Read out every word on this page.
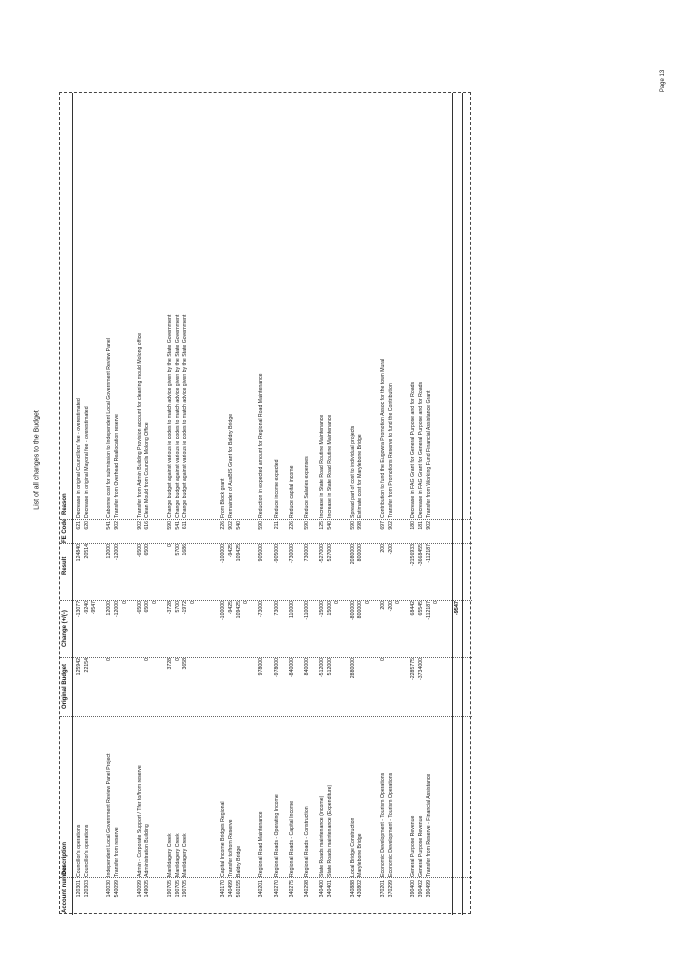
Page 13
List of all changes to the Budget
Account number
Description
Original Budget
Change (+/(-)
Result
FE Code
Reason
120301
Councillor's operations
125942
-1307?
124840
621
Decrease in original Councillors' fee - overestimated
120303
Councillor's operations
22154
-9240
20514
620
Decrease in original Mayoral fee - overestimated
-9547
140030
Independent Local Government Review Panel Project
0
12000
12000
541
Cabonne cost for submission to Independent Local Government Review Panel
540099
Transfer from reserve
-12000
-12000
902
Transfer from Overhead Reallocation reserve
0
140099
Admin - Corporate Support / Tfer to/from reserve
-6500
-6500
902
Transfer from Admin Building Provision account for cleaning mould Molong office
149005
Administration Building
0
6500
6500
616
Clean Mould from Councils Molong Office
0
190705
Manildagery Creek
3728
-3728
0
590
Change budget against various ie codes to match advice given by the State Government
190705
Manildagery Creek
0
5700
5700
541
Change budget against various ie codes to match advice given by the State Government
190705
Manildagery Creek
3658
-1972
1686
611
Change budget against various ie codes to match advice given by the State Government
0
340170
Capital Income Bridges Regional
-100000
-100000
226
From Block grant
340499
Transfer to/from Reserve
-9425
-9425
902
Remainder of AusBIS Grant for Baldry Bridge
560155
Baldry Bridge
109425
109425
540
0
340201
Regional Road Maintenance
978000
-73000
905000
590
Reduction in expected amount for Regional Road Maintenance
340270
Regional Roads - Operating Income
-978000
73000
-905000
211
Reduce income expected
340275
Regional Roads - Capital Income
-840000
110000
-730000
226
Reduce capital income
340298
Regional Roads - Construction
840000
-110000
730000
590
Reduce Salaries expenses
340400
State Roads maintenance (income)
-512000
-15000
-527000
125
Increase in State Road Routine Maintenance
340401
State Roads maintenance (Expenditure)
512000
15000
527000
540
Increase in State Road Routine Maintenance
0
340888
Local Bridge Construction
2880000
-800000
2080000
590
Spread part of cost to individual projects
430802
Marylebone Bridge
800000
800000
998
Estimate cost for Marylebone Bridge
0
370201
Economic Development - Tourism Operations
0
200
200
697
Contribution to fund the Eugowra Promotion Assoc for the town Mural
370299
Economic Development - Tourism Operations
-200
-200
902
Transfer from Promotions Reserve to fund the Contribution
0
390400
General Purpose Revenue
-2285775
68442
-2156933
180
Decrease in FAG Grant for General Purpose and for Roads
390402
General Purpose Revenue
-3734000
65545
-3668455
181
Decrease in FAG Grant for General Purpose and for Roads
390499
Transfer from Reserve - Financial Assistance
-112187
-112187
902
Transfer from Working Fund Financial Assistance Grant
0	-9547
